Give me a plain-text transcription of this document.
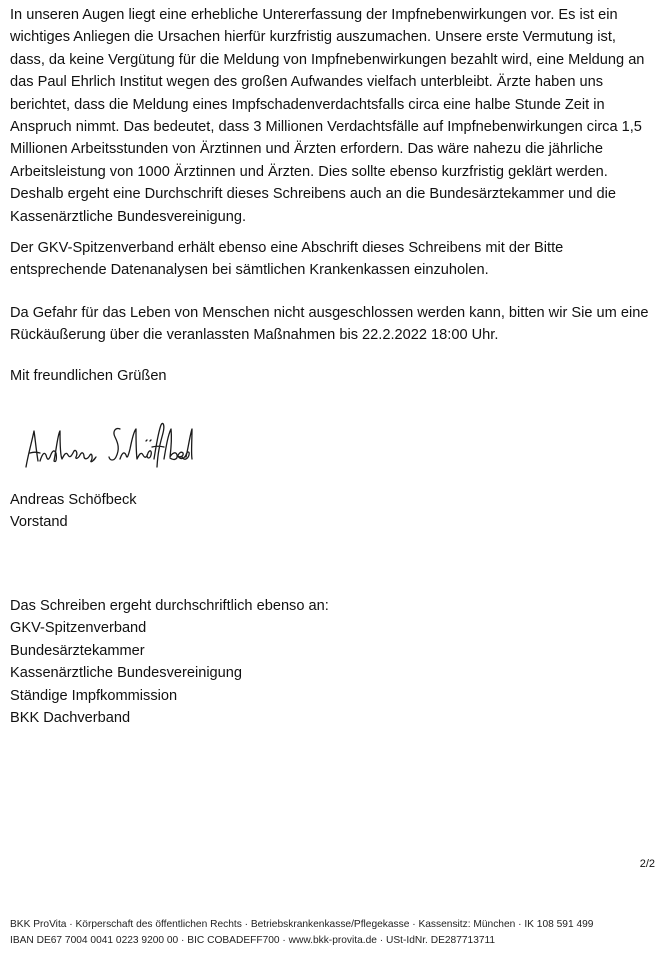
In unseren Augen liegt eine erhebliche Untererfassung der Impfnebenwirkungen vor. Es ist ein wichtiges Anliegen die Ursachen hierfür kurzfristig auszumachen. Unsere erste Vermutung ist, dass, da keine Vergütung für die Meldung von Impfnebenwirkungen bezahlt wird, eine Meldung an das Paul Ehrlich Institut wegen des großen Aufwandes vielfach unterbleibt. Ärzte haben uns berichtet, dass die Meldung eines Impfschadenverdachtsfalls circa eine halbe Stunde Zeit in Anspruch nimmt. Das bedeutet, dass 3 Millionen Verdachtsfälle auf Impfnebenwirkungen circa 1,5 Millionen Arbeitsstunden von Ärztinnen und Ärzten erfordern. Das wäre nahezu die jährliche Arbeitsleistung von 1000 Ärztinnen und Ärzten. Dies sollte ebenso kurzfristig geklärt werden. Deshalb ergeht eine Durchschrift dieses Schreibens auch an die Bundesärztekammer und die Kassenärztliche Bundesvereinigung.

Der GKV-Spitzenverband erhält ebenso eine Abschrift dieses Schreibens mit der Bitte entsprechende Datenanalysen bei sämtlichen Krankenkassen einzuholen.

Da Gefahr für das Leben von Menschen nicht ausgeschlossen werden kann, bitten wir Sie um eine Rückäußerung über die veranlassten Maßnahmen bis 22.2.2022 18:00 Uhr.

Mit freundlichen Grüßen

Andreas Schöfbeck

Vorstand

Das Schreiben ergeht durchschriftlich ebenso an:
GKV-Spitzenverband
Bundesärztekammer
Kassenärztliche Bundesvereinigung
Ständige Impfkommission
BKK Dachverband
2/2
BKK ProVita · Körperschaft des öffentlichen Rechts · Betriebskrankenkasse/Pflegekasse · Kassensitz: München · IK 108 591 499
IBAN DE67 7004 0041 0223 9200 00 · BIC COBADEFF700 · www.bkk-provita.de · USt-IdNr. DE287713711
